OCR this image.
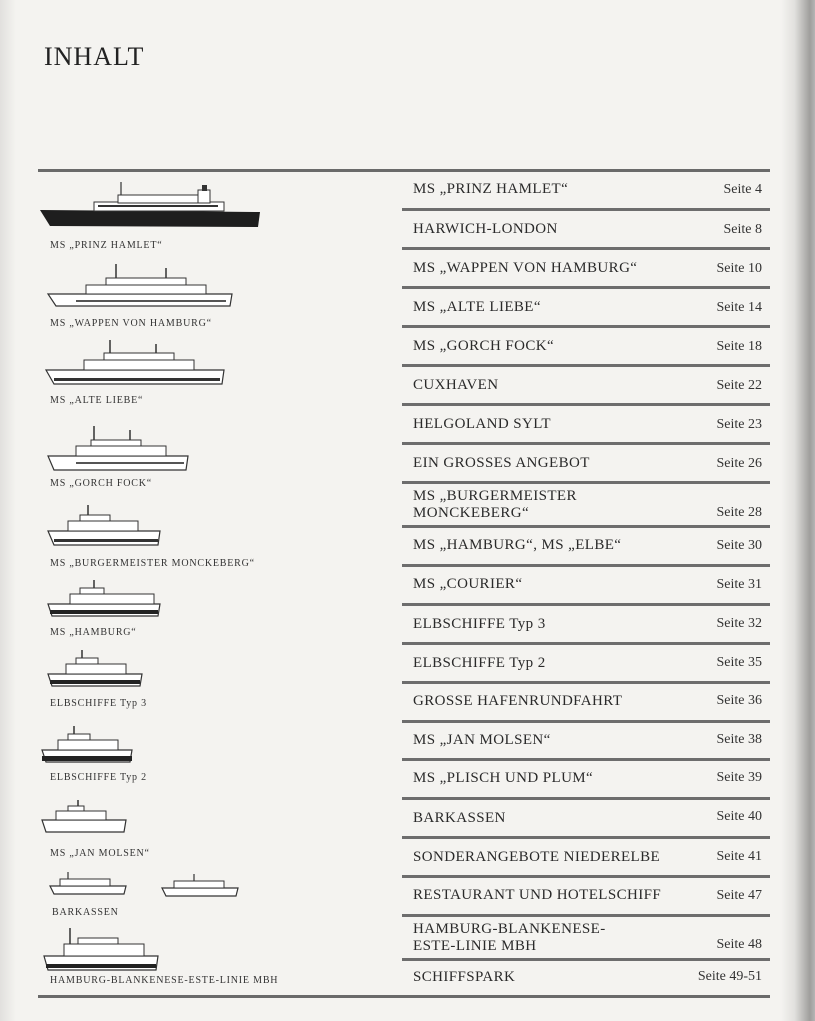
INHALT
MS „PRINZ HAMLET“
MS „WAPPEN VON HAMBURG“
MS „ALTE LIEBE“
MS „GORCH FOCK“
MS „BURGERMEISTER MONCKEBERG“
MS „HAMBURG“
ELBSCHIFFE Typ 3
ELBSCHIFFE Typ 2
MS „JAN MOLSEN“
BARKASSEN
HAMBURG-BLANKENESE-ESTE-LINIE MBH
MS „PRINZ HAMLET“	Seite 4
HARWICH-LONDON	Seite 8
MS „WAPPEN VON HAMBURG“	Seite 10
MS „ALTE LIEBE“	Seite 14
MS „GORCH FOCK“	Seite 18
CUXHAVEN	Seite 22
HELGOLAND SYLT	Seite 23
EIN GROSSES ANGEBOT	Seite 26
MS „BURGERMEISTER
MONCKEBERG“	Seite 28
MS „HAMBURG“, MS „ELBE“	Seite 30
MS „COURIER“	Seite 31
ELBSCHIFFE Typ 3	Seite 32
ELBSCHIFFE Typ 2	Seite 35
GROSSE HAFENRUNDFAHRT	Seite 36
MS „JAN MOLSEN“	Seite 38
MS „PLISCH UND PLUM“	Seite 39
BARKASSEN	Seite 40
SONDERANGEBOTE NIEDERELBE	Seite 41
RESTAURANT UND HOTELSCHIFF	Seite 47
HAMBURG-BLANKENESE-
ESTE-LINIE MBH	Seite 48
SCHIFFSPARK	Seite 49-51
